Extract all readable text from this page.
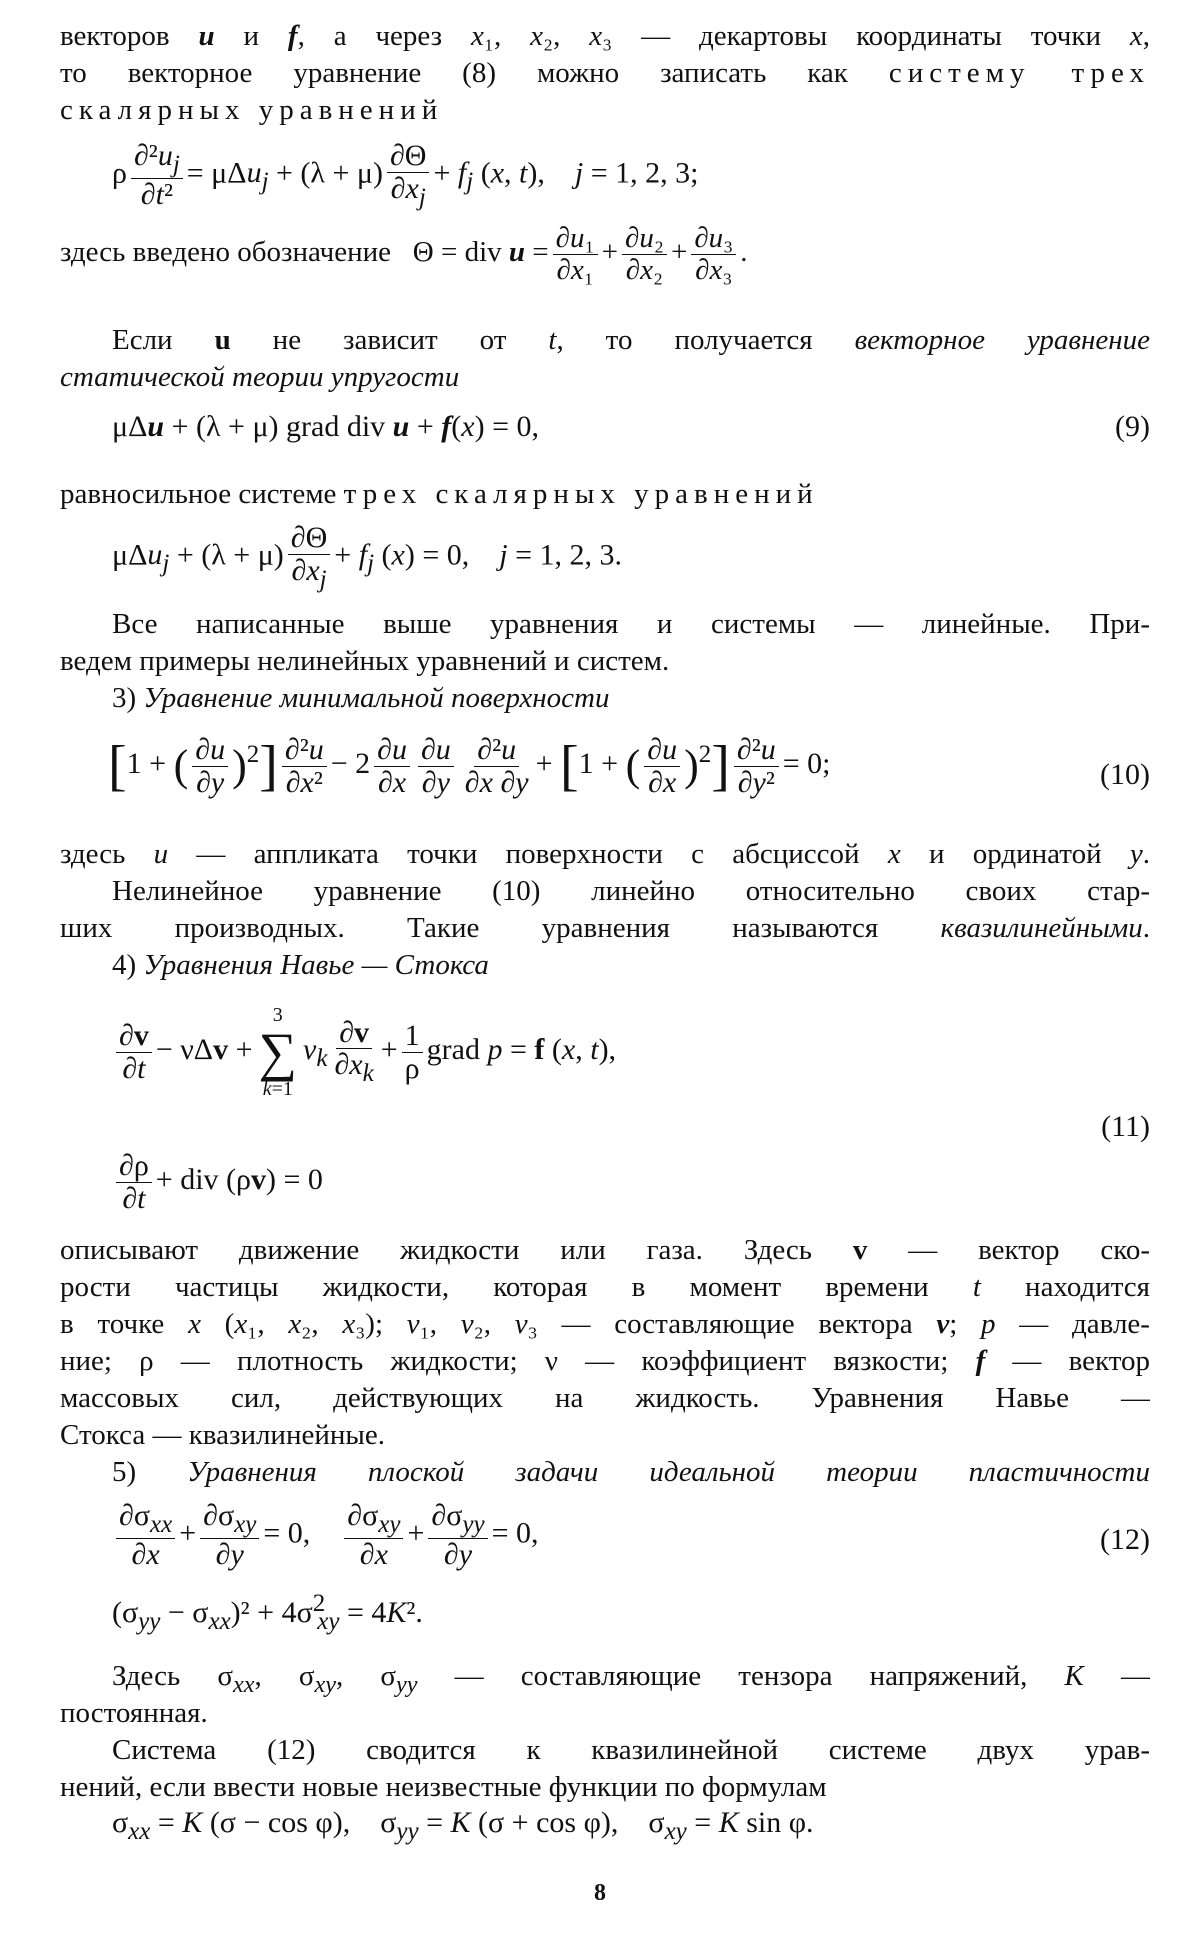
векторов u и f, а через x₁, x₂, x₃ — декартовы координаты точки x,
то векторное уравнение (8) можно записать как системy трех
скалярных уравнений
ρ $\frac{\partial^2u_j}{\text{∂t²}} = \mu\Delta u_j + (\lambda + \mu) \frac{\partial\Theta}{\partial x_j} + f_j$ (x, t),    j = 1, 2, 3;
здесь введено обозначение   Θ = div $u = \frac{\text{∂u₁}}{\text{∂x₁}} + \frac{\text{∂u₂}}{\text{∂x₂}} + \frac{\text{∂u₃}}{\text{∂x₃}}$ .
Если u не зависит от t, то получается векторное уравнение
статической теории упругости
μΔu + (λ + μ) grad div u + f(x) = 0,	(9)
равносильное системе трех скалярных уравнений
$\mu\Delta u_j + (\lambda + \mu) \frac{\partial\Theta}{\partial x_j} + f_j$ (x) = 0,    j = 1, 2, 3.
Все написанные выше уравнения и системы — линейные. При-
ведем примеры нелинейных уравнений и систем.
3) Уравнение минимальной поверхности
[1 + ( $\frac{\partial u}{\partial y} )^2] \frac{\text{∂²u}}{\text{∂x²}} - 2 \frac{\partial u}{\partial x} \frac{\partial u}{\partial y} \frac{\text{∂²u}}{\partial x \partial y} + [1$ + ( $\frac{\partial u}{\partial x} )^2] \frac{\text{∂²u}}{\text{∂y²}} = 0$;	(10)
здесь u — аппликата точки поверхности с абсциссой x и ординатой y.
Нелинейное уравнение (10) линейно относительно своих стар-
ших производных. Такие уравнения называются квазилинейными.
4) Уравнения Навье — Стокса
$\frac{\partial v}{\partial t} - \nu\Delta v$ +
3
∑
k=1
$v_k \frac{\partial v}{\partial x_k} + \frac{1}{\rho}$ grad p = f (x, t),
(11)
$\frac{\partial\rho}{\partial t}$ + div (ρv) = 0
описывают движение жидкости или газа. Здесь v — вектор ско-
рости частицы жидкости, которая в момент времени t находится
в точке x (x₁, x₂, x₃); v₁, v₂, v₃ — составляющие вектора v; p — давле-
ние; ρ — плотность жидкости; ν — коэффициент вязкости; f — вектор
массовых сил, действующих на жидкость. Уравнения Навье —
Стокса — квазилинейные.
5) Уравнения плоской задачи идеальной теории пластичности
$\frac{\partial\sigma_{xx}}{\partial x} + \frac{\partial\sigma_{xy}}{\partial y} = 0$, $\frac{\partial\sigma_{xy}}{\partial x} + \frac{\partial\sigma_{yy}}{\partial y} = 0$,	(12)
$(\sigma_{yy} - \sigma_{xx})^2 + 4\sigma^2_{xy} = 4K^2$.
Здесь $\sigma_{xx}$, $\sigma_{xy}$, $\sigma_{yy}$ — составляющие тензора напряжений, K —
постоянная.
Система (12) сводится к квазилинейной системе двух урав-
нений, если ввести новые неизвестные функции по формулам
8
$\sigma_{xx} = K$ (σ − cos φ),    $\sigma_{yy} = K$ (σ + cos φ),    $\sigma_{xy} = K$ sin φ.
